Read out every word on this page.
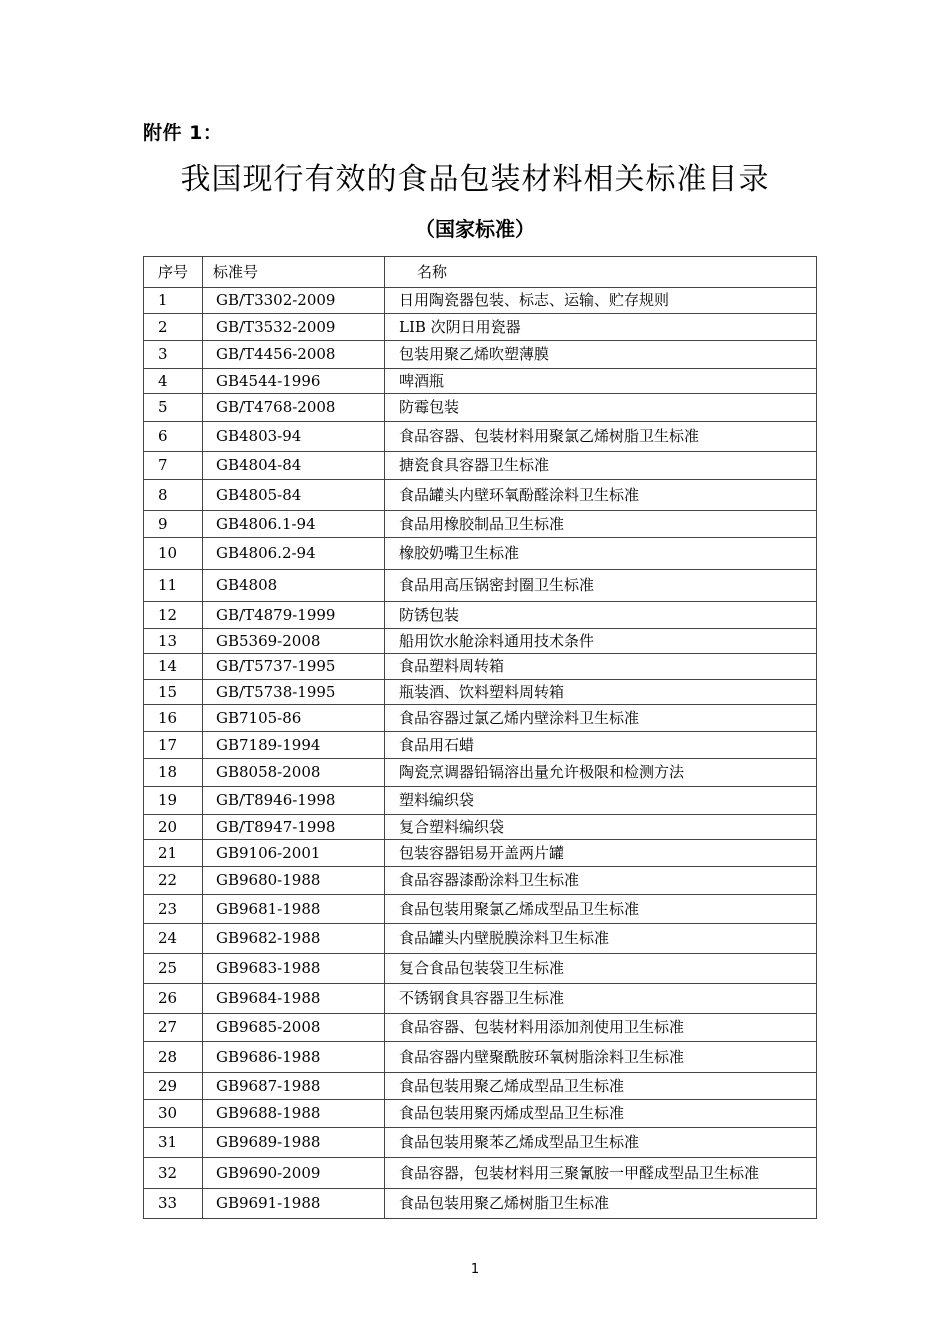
附件 1：
我国现行有效的食品包装材料相关标准目录
（国家标准）
序号	标准号	名称
1	GB/T3302-2009	日用陶瓷器包装、标志、运输、贮存规则
2	GB/T3532-2009	LIB 次阴日用瓷器
3	GB/T4456-2008	包装用聚乙烯吹塑薄膜
4	GB4544-1996	啤酒瓶
5	GB/T4768-2008	防霉包装
6	GB4803-94	食品容器、包装材料用聚氯乙烯树脂卫生标准
7	GB4804-84	搪瓷食具容器卫生标准
8	GB4805-84	食品罐头内壁环氧酚醛涂料卫生标准
9	GB4806.1-94	食品用橡胶制品卫生标准
10	GB4806.2-94	橡胶奶嘴卫生标准
11	GB4808	食品用高压锅密封圈卫生标准
12	GB/T4879-1999	防锈包装
13	GB5369-2008	船用饮水舱涂料通用技术条件
14	GB/T5737-1995	食品塑料周转箱
15	GB/T5738-1995	瓶装酒、饮料塑料周转箱
16	GB7105-86	食品容器过氯乙烯内壁涂料卫生标准
17	GB7189-1994	食品用石蜡
18	GB8058-2008	陶瓷烹调器铅镉溶出量允许极限和检测方法
19	GB/T8946-1998	塑料编织袋
20	GB/T8947-1998	复合塑料编织袋
21	GB9106-2001	包装容器铝易开盖两片罐
22	GB9680-1988	食品容器漆酚涂料卫生标准
23	GB9681-1988	食品包装用聚氯乙烯成型品卫生标准
24	GB9682-1988	食品罐头内壁脱膜涂料卫生标准
25	GB9683-1988	复合食品包装袋卫生标准
26	GB9684-1988	不锈钢食具容器卫生标准
27	GB9685-2008	食品容器、包装材料用添加剂使用卫生标准
28	GB9686-1988	食品容器内壁聚酰胺环氧树脂涂料卫生标准
29	GB9687-1988	食品包装用聚乙烯成型品卫生标准
30	GB9688-1988	食品包装用聚丙烯成型品卫生标准
31	GB9689-1988	食品包装用聚苯乙烯成型品卫生标准
32	GB9690-2009	食品容器，包装材料用三聚氰胺一甲醛成型品卫生标准
33	GB9691-1988	食品包装用聚乙烯树脂卫生标准
1
